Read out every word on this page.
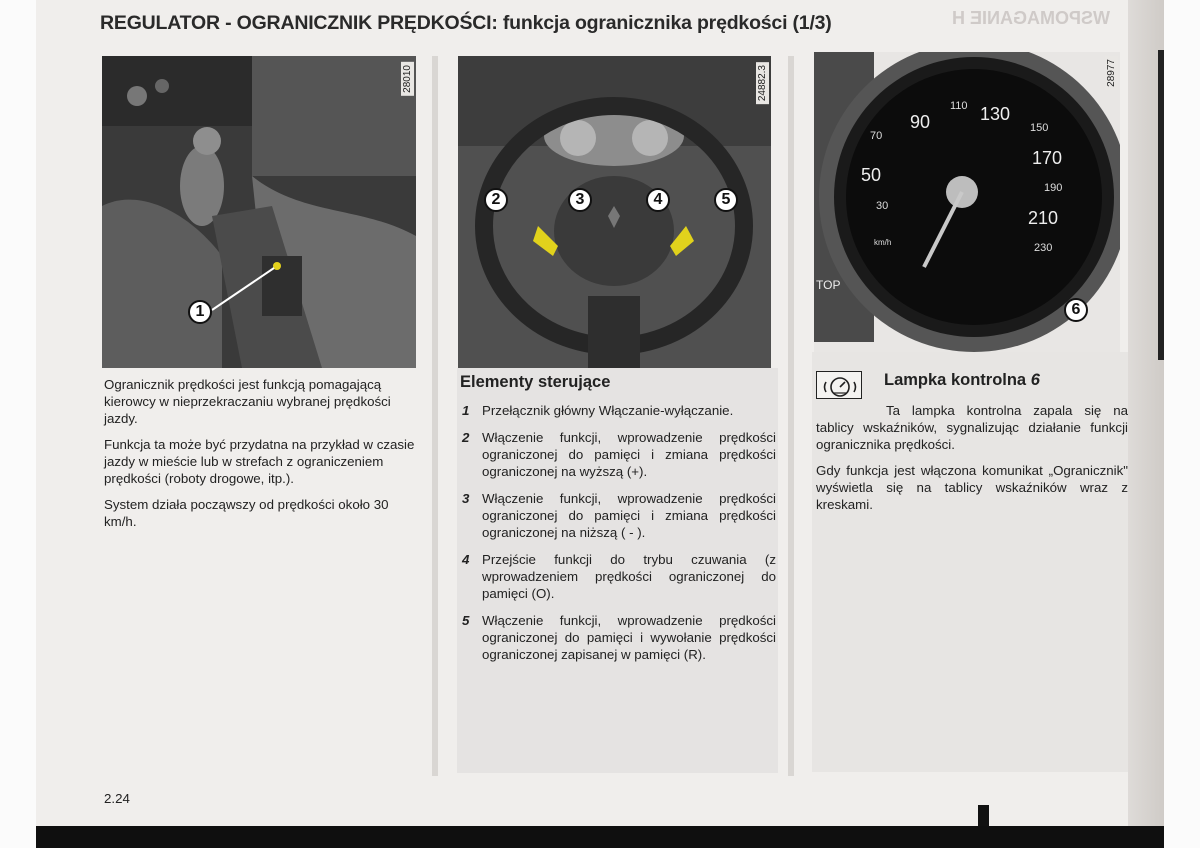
WSPOMAGANIE H
REGULATOR - OGRANICZNIK PRĘDKOŚCI: funkcja ogranicznika prędkości (1/3)
28010
1
24882.3
2	3	4	5
50
70
90
110 130
150
170
190
210
230
30
km/h
TOP
28977
6

Ogranicznik prędkości jest funkcją pomagającą kierowcy w nieprzekraczaniu wybranej prędkości jazdy.

Funkcja ta może być przydatna na przykład w czasie jazdy w mieście lub w strefach z ograniczeniem prędkości (roboty drogowe, itp.).

System działa począwszy od prędkości około 30 km/h.

Elementy sterujące
1 Przełącznik główny Włączanie-wyłączanie.
2 Włączenie funkcji, wprowadzenie prędkości ograniczonej do pamięci i zmiana prędkości ograniczonej na wyższą (+).
3 Włączenie funkcji, wprowadzenie prędkości ograniczonej do pamięci i zmiana prędkości ograniczonej na niższą ( - ).
4 Przejście funkcji do trybu czuwania (z wprowadzeniem prędkości ograniczonej do pamięci (O).
5 Włączenie funkcji, wprowadzenie prędkości ograniczonej do pamięci i wywołanie prędkości ograniczonej zapisanej w pamięci (R).
Lampka kontrolna 6

Ta lampka kontrolna zapala się na tablicy wskaźników, sygnalizując działanie funkcji ogranicznika prędkości.

Gdy funkcja jest włączona komunikat „Ogranicznik" wyświetla się na tablicy wskaźników wraz z kreskami.

2.24
